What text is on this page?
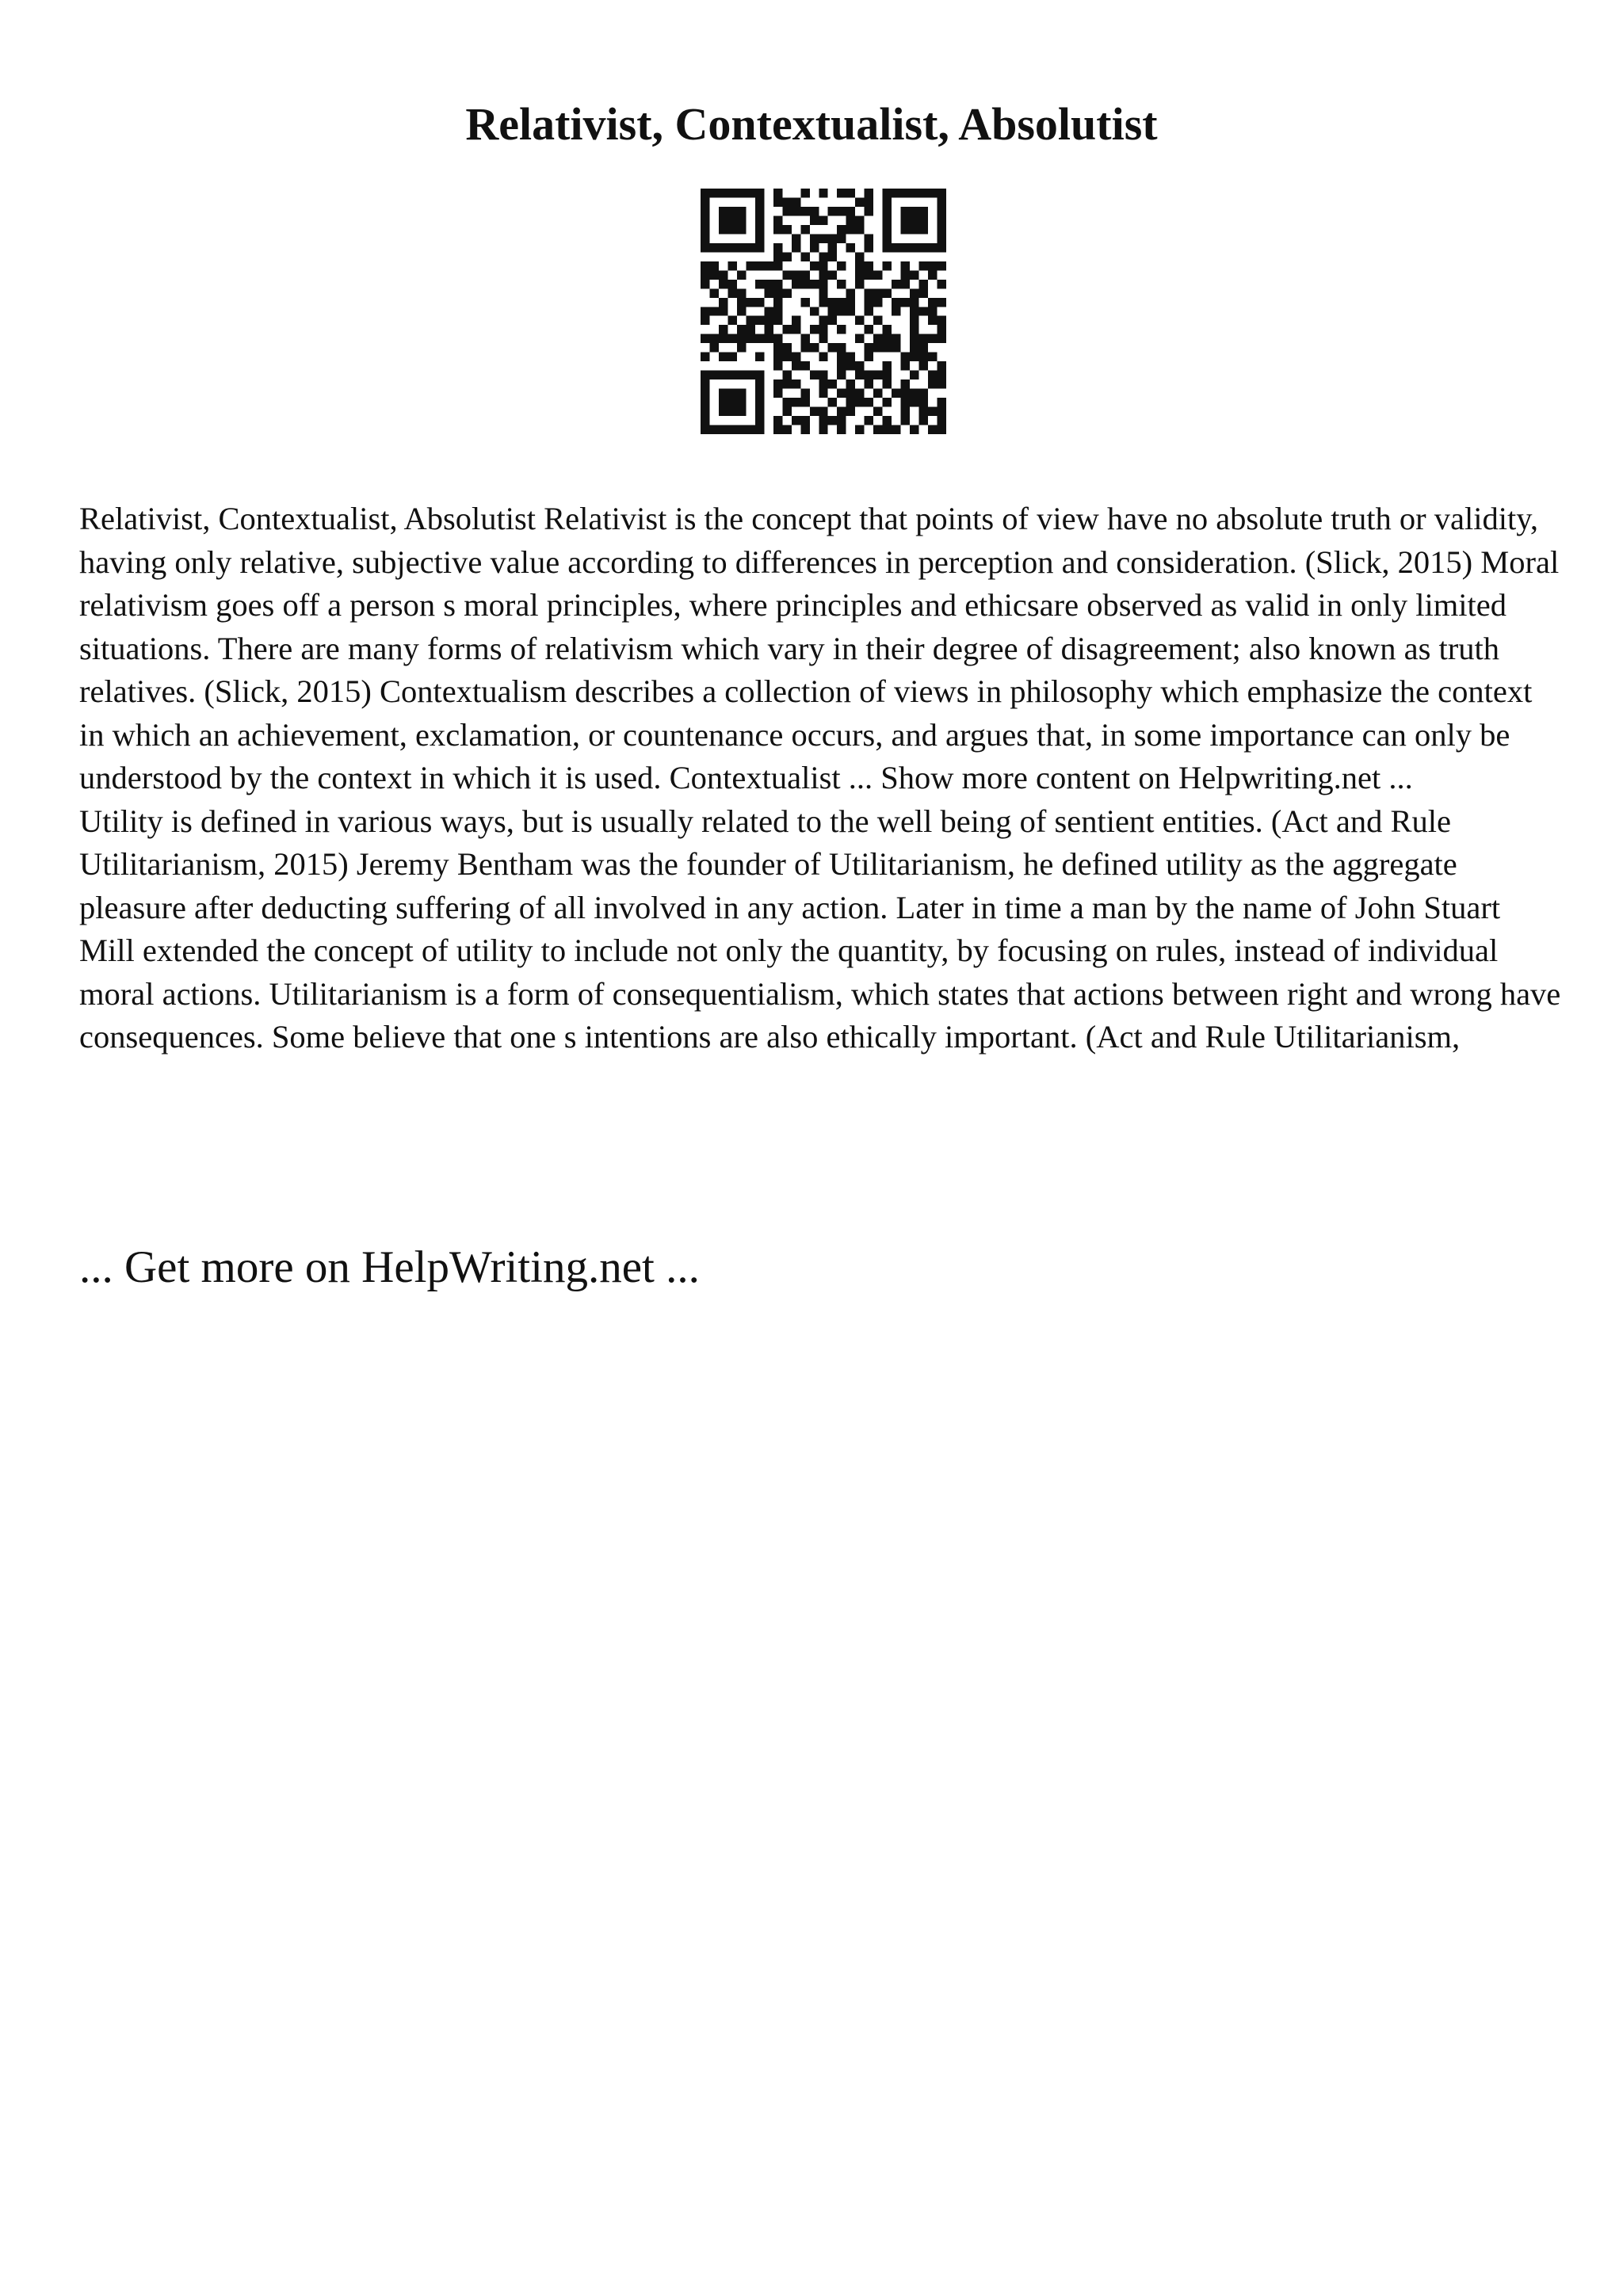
Relativist, Contextualist, Absolutist

Relativist, Contextualist, Absolutist Relativist is the concept that points of view have no absolute truth or validity, having only relative, subjective value according to differences in perception and consideration. (Slick, 2015) Moral relativism goes off a person s moral principles, where principles and ethicsare observed as valid in only limited situations. There are many forms of relativism which vary in their degree of disagreement; also known as truth relatives. (Slick, 2015) Contextualism describes a collection of views in philosophy which emphasize the context in which an achievement, exclamation, or countenance occurs, and argues that, in some importance can only be understood by the context in which it is used. Contextualist ... Show more content on Helpwriting.net ...

Utility is defined in various ways, but is usually related to the well being of sentient entities. (Act and Rule Utilitarianism, 2015) Jeremy Bentham was the founder of Utilitarianism, he defined utility as the aggregate pleasure after deducting suffering of all involved in any action. Later in time a man by the name of John Stuart Mill extended the concept of utility to include not only the quantity, by focusing on rules, instead of individual moral actions. Utilitarianism is a form of consequentialism, which states that actions between right and wrong have consequences. Some believe that one s intentions are also ethically important. (Act and Rule Utilitarianism,

... Get more on HelpWriting.net ...
